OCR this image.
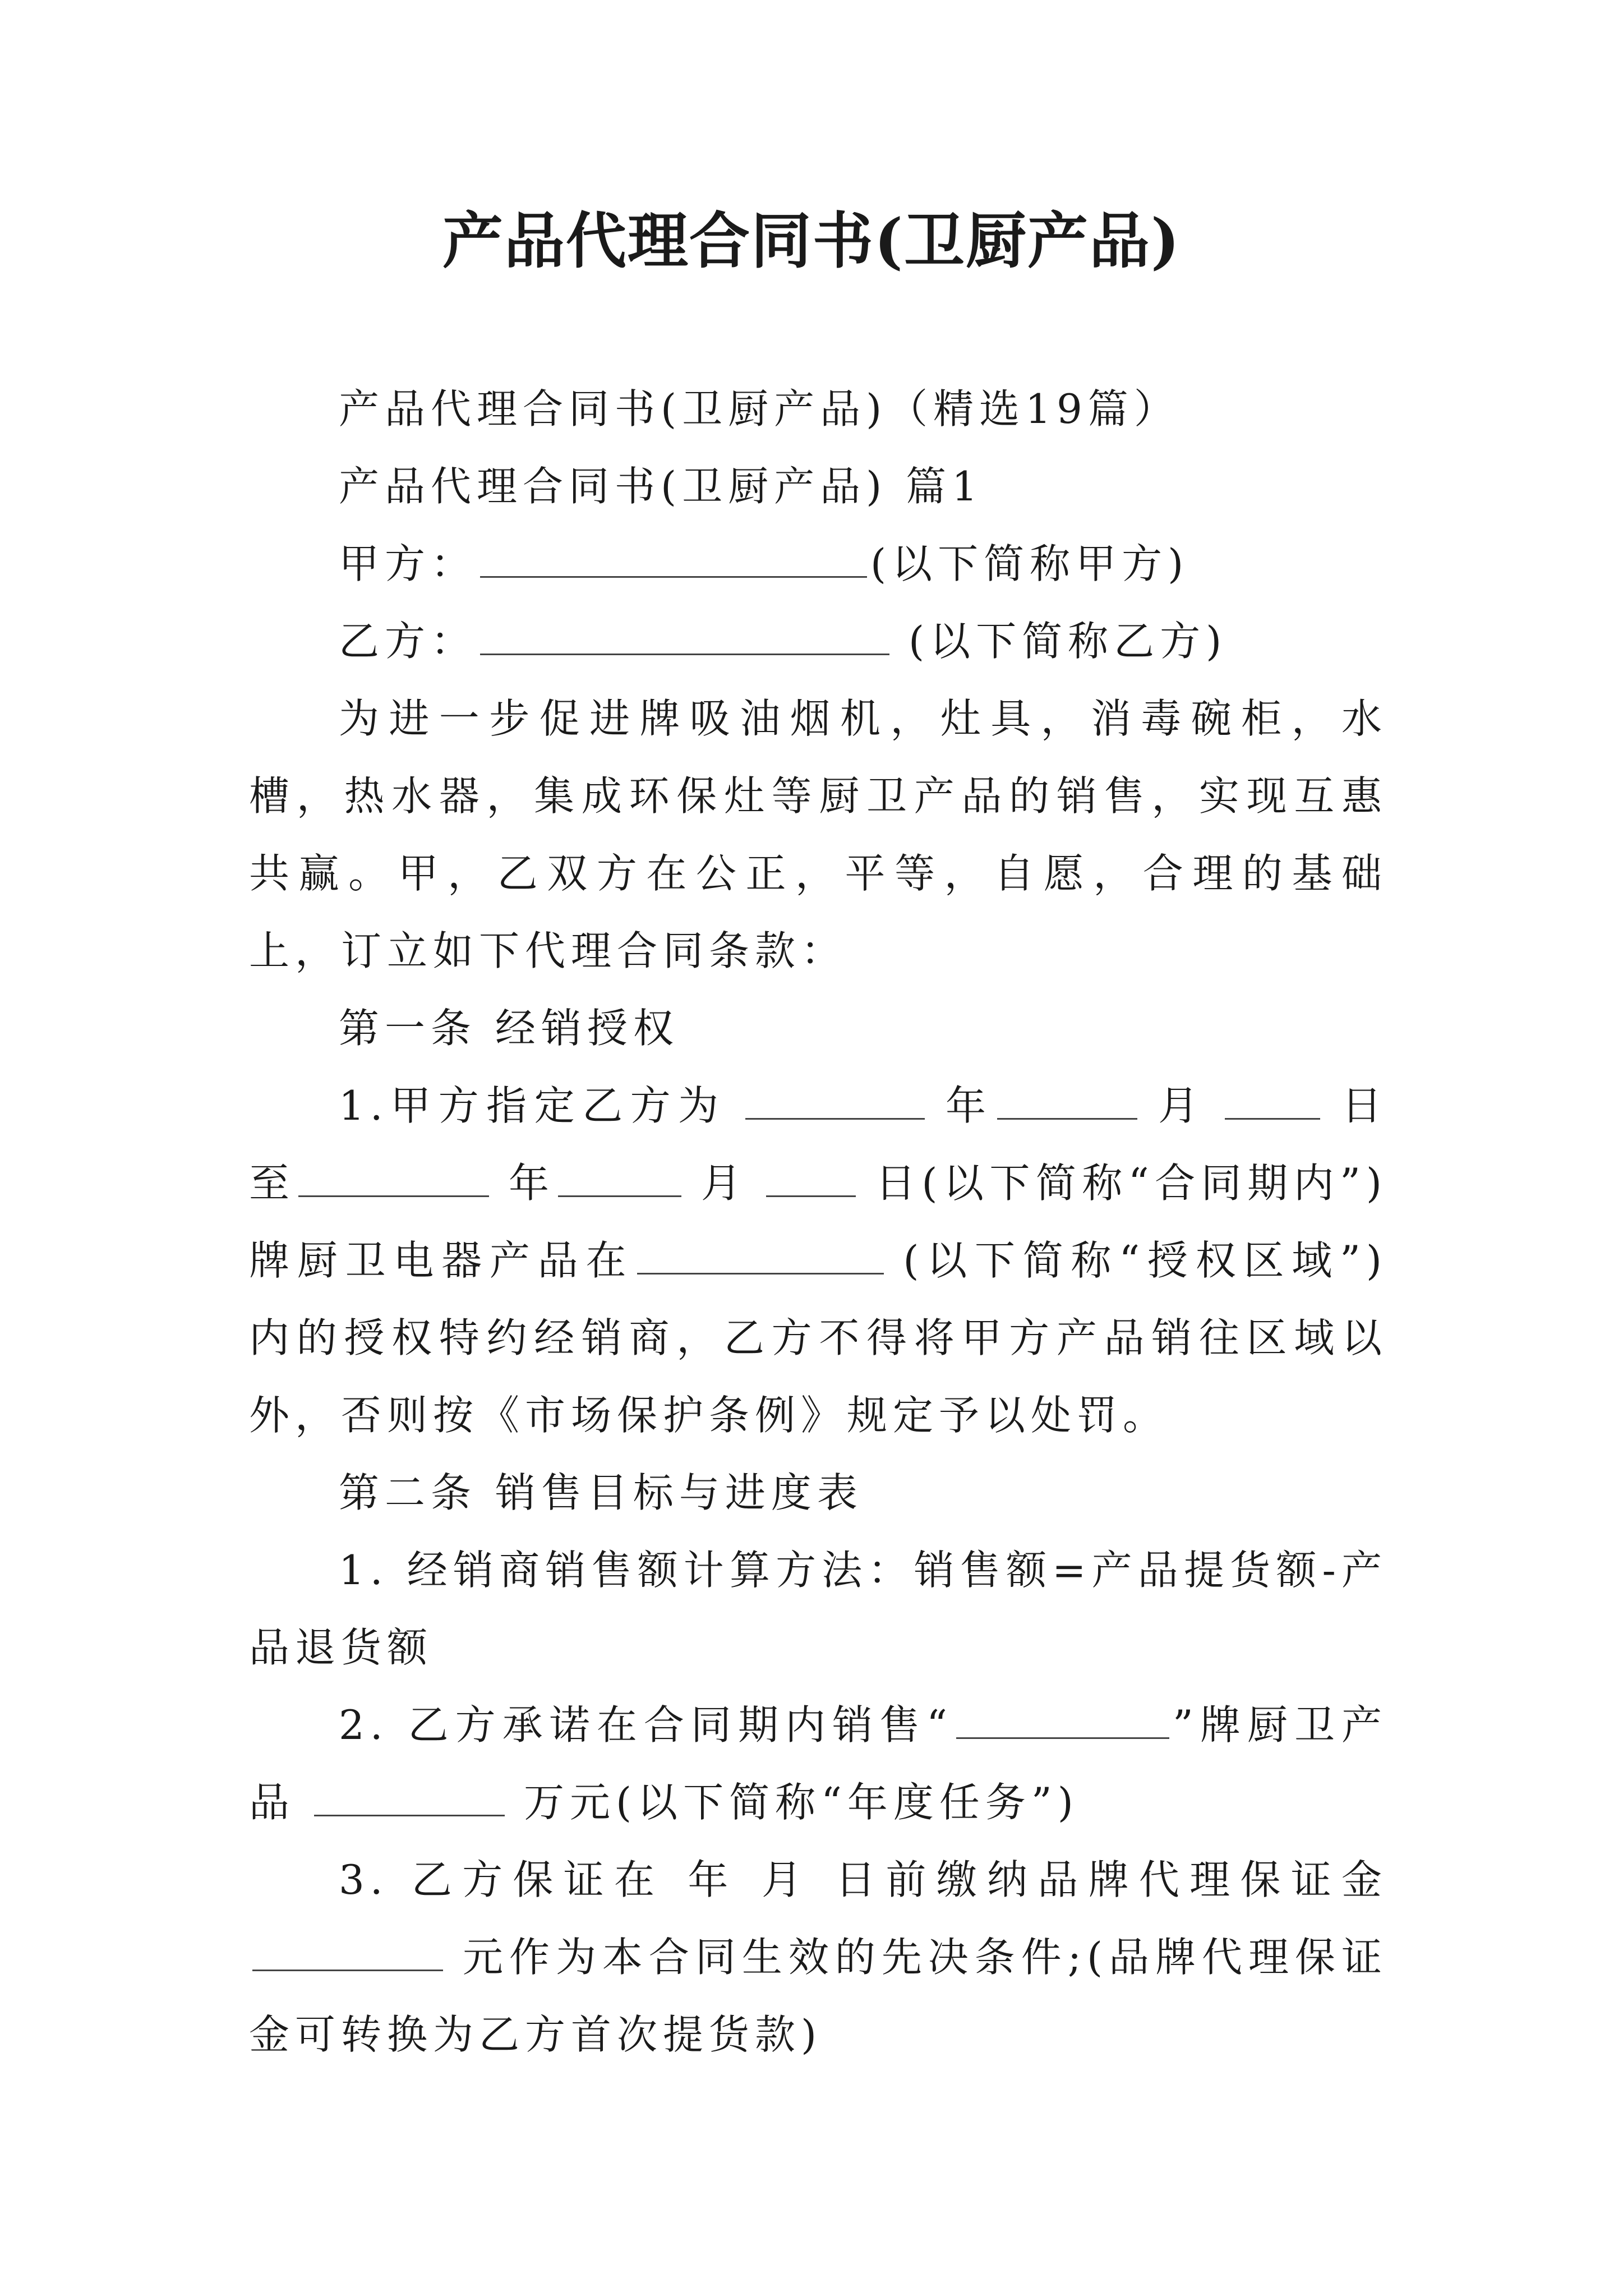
产品代理合同书(卫厨产品)

产品代理合同书(卫厨产品)（精选19篇）

产品代理合同书(卫厨产品) 篇1

甲方：	(以下简称甲方)

乙方：	(以下简称乙方)

为进一步促进牌吸油烟机，灶具，消毒碗柜，水槽，热水器，集成环保灶等厨卫产品的销售，实现互惠共赢。甲，乙双方在公正，平等，自愿，合理的基础上，订立如下代理合同条款：

第一条 经销授权

1.甲方指定乙方为	年	月	日至	年	月	日(以下简称“合同期内”)牌厨卫电器产品在	(以下简称“授权区域”)内的授权特约经销商，乙方不得将甲方产品销往区域以外，否则按《市场保护条例》规定予以处罚。

第二条 销售目标与进度表

1. 经销商销售额计算方法：销售额=产品提货额-产品退货额

2. 乙方承诺在合同期内销售“	”牌厨卫产品	万元(以下简称“年度任务”)

3. 乙方保证在 年 月 日前缴纳品牌代理保证金元作为本合同生效的先决条件;(品牌代理保证金可转换为乙方首次提货款)
